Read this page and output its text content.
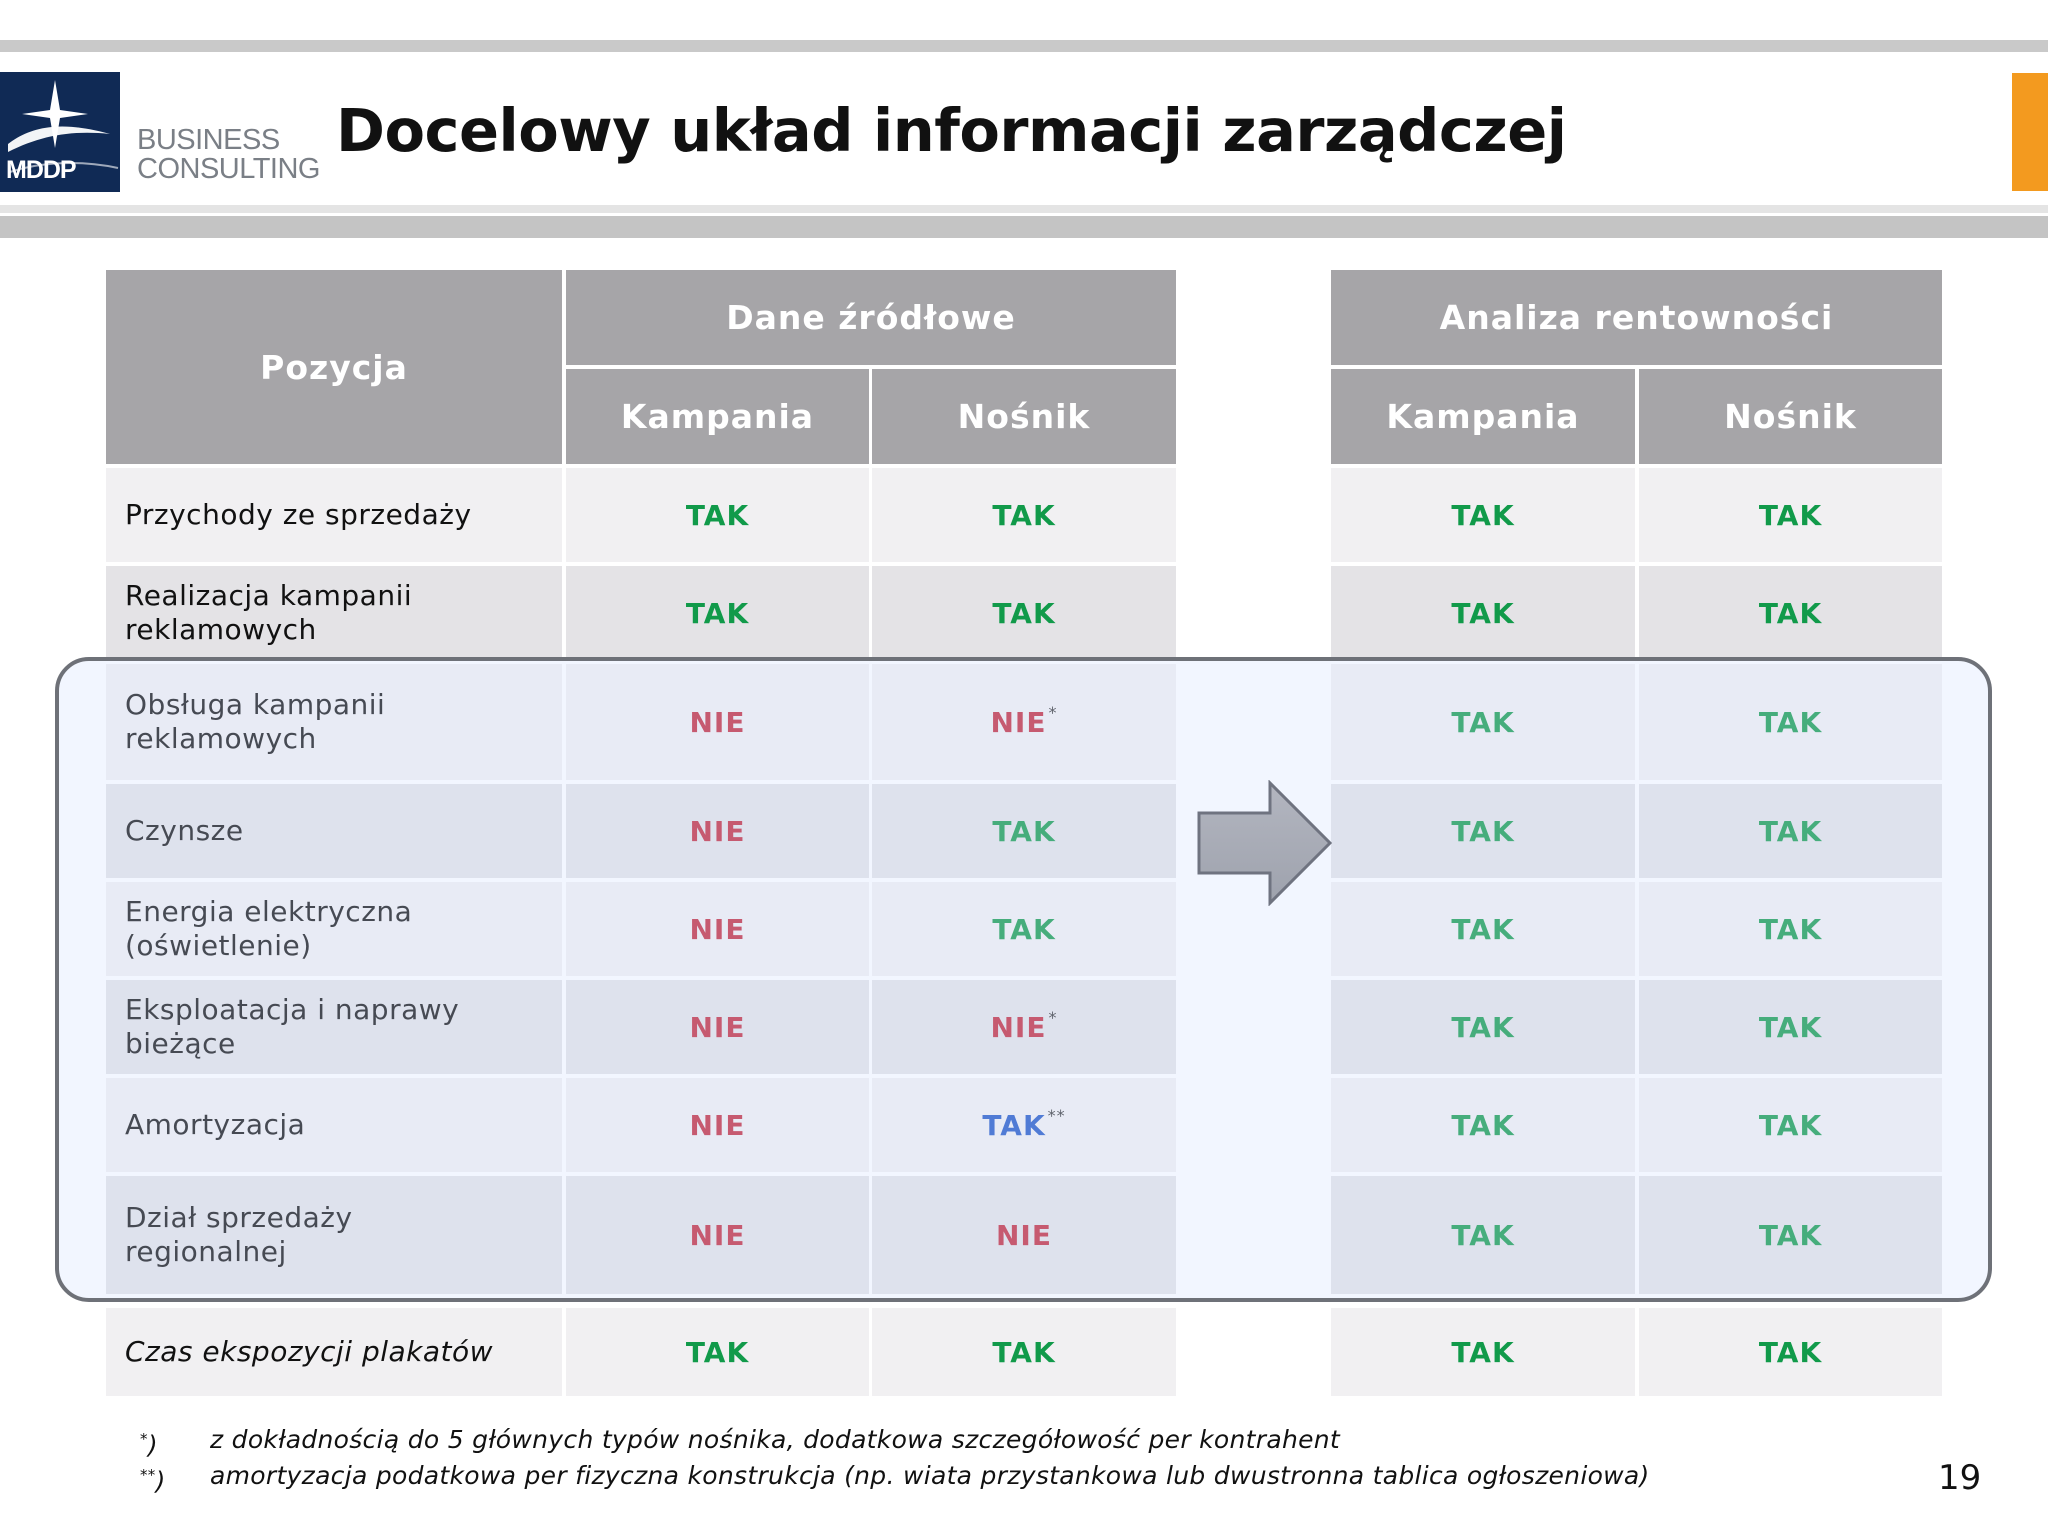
MDDP
BUSINESS
CONSULTING
Docelowy układ informacji zarządczej
Pozycja
Dane źródłowe	Analiza rentowności
Kampania	Nośnik	Kampania	Nośnik
Przychody ze sprzedaży	TAK	TAK	TAK	TAK
Realizacja kampanii reklamowych	TAK	TAK	TAK	TAK
Obsługa kampanii reklamowych	NIE	NIE*	TAK	TAK
Czynsze	NIE	TAK	TAK	TAK
Energia elektryczna (oświetlenie)	NIE	TAK	TAK	TAK
Eksploatacja i naprawy bieżące	NIE	NIE*	TAK	TAK
Amortyzacja	NIE	TAK**	TAK	TAK
Dział sprzedaży regionalnej	NIE	NIE	TAK	TAK
Czas ekspozycji plakatów	TAK	TAK	TAK	TAK
*)	z dokładnością do 5 głównych typów nośnika, dodatkowa szczegółowość per kontrahent
**)	amortyzacja podatkowa per fizyczna konstrukcja (np. wiata przystankowa lub dwustronna tablica ogłoszeniowa)	19
